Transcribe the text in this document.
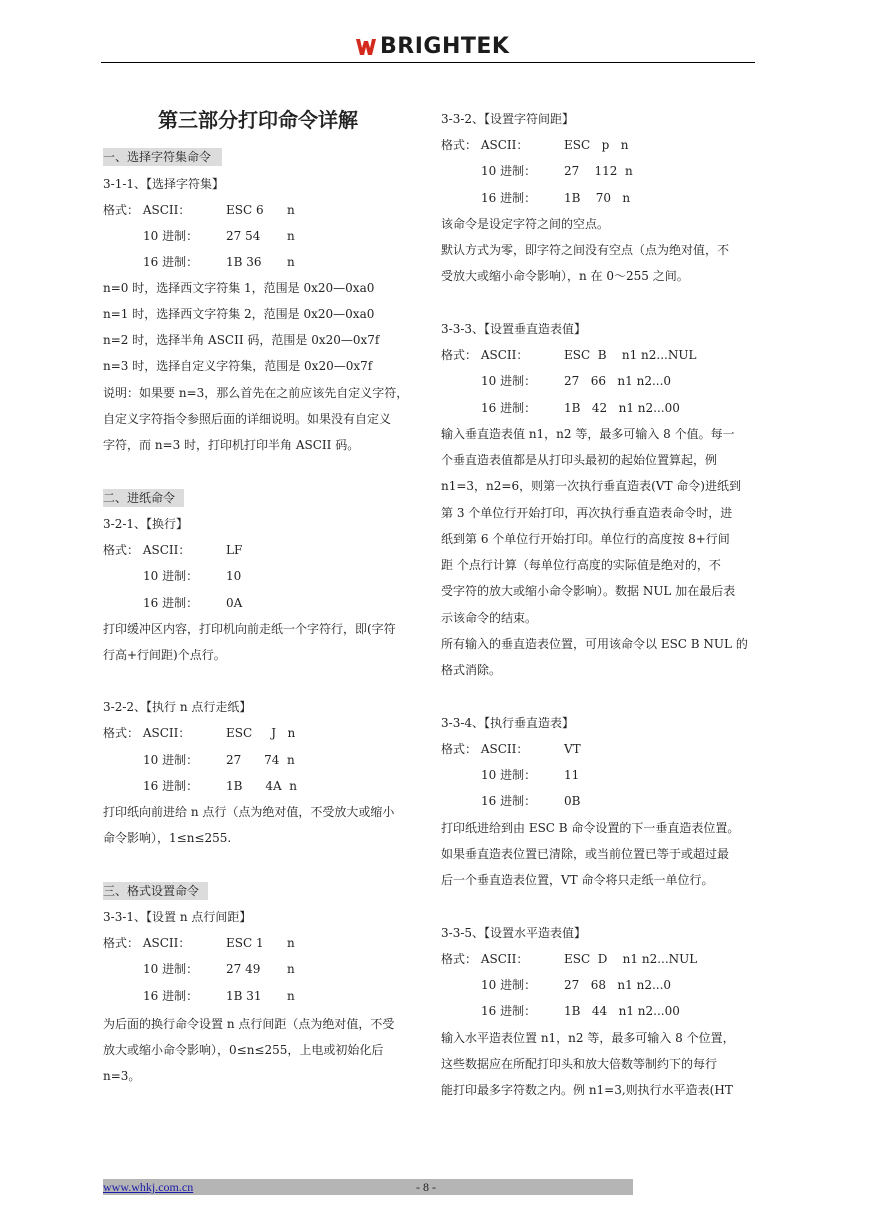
BRIGHTEK
第三部分打印命令详解
一、选择字符集命令
3-1-1、【选择字符集】
格式： ASCII：	ESC 6 n
10 进制： 27 54 n
16 进制： 1B 36 n
n=0 时，选择西文字符集 1，范围是 0x20—0xa0
n=1 时，选择西文字符集 2，范围是 0x20—0xa0
n=2 时，选择半角 ASCII 码，范围是 0x20—0x7f
n=3 时，选择自定义字符集，范围是 0x20—0x7f
说明：如果要 n=3，那么首先在之前应该先自定义字符，
自定义字符指令参照后面的详细说明。如果没有自定义
字符，而 n=3 时，打印机打印半角 ASCII 码。
二、进纸命令
3-2-1、【换行】
格式： ASCII：	LF
10 进制： 10
16 进制： 0A
打印缓冲区内容，打印机向前走纸一个字符行，即(字符
行高+行间距)个点行。
3-2-2、【执行 n 点行走纸】
格式： ASCII：	ESC     J   n
10 进制： 27      74  n
16 进制： 1B      4A  n
打印纸向前进给 n 点行（点为绝对值，不受放大或缩小
命令影响），1≤n≤255.
三、格式设置命令
3-3-1、【设置 n 点行间距】
格式： ASCII：	ESC 1 n
10 进制： 27 49 n
16 进制： 1B 31 n
为后面的换行命令设置 n 点行间距（点为绝对值，不受
放大或缩小命令影响），0≤n≤255，上电或初始化后
n=3。
3-3-2、【设置字符间距】
格式： ASCII：	ESC   p   n
10 进制： 27    112  n
16 进制： 1B    70   n
该命令是设定字符之间的空点。
默认方式为零，即字符之间没有空点（点为绝对值，不
受放大或缩小命令影响），n 在 0～255 之间。
3-3-3、【设置垂直造表值】
格式： ASCII：	ESC  B    n1 n2...NUL
10 进制： 27   66   n1 n2...0
16 进制： 1B   42   n1 n2...00
输入垂直造表值 n1，n2 等，最多可输入 8 个值。每一
个垂直造表值都是从打印头最初的起始位置算起，例
n1=3，n2=6，则第一次执行垂直造表(VT 命令)进纸到
第 3 个单位行开始打印，再次执行垂直造表命令时，进
纸到第 6 个单位行开始打印。单位行的高度按 8+行间
距 个点行计算（每单位行高度的实际值是绝对的，不
受字符的放大或缩小命令影响）。数据 NUL 加在最后表
示该命令的结束。
所有输入的垂直造表位置，可用该命令以 ESC B NUL 的
格式消除。
3-3-4、【执行垂直造表】
格式： ASCII：	VT
10 进制： 11
16 进制： 0B
打印纸进给到由 ESC B 命令设置的下一垂直造表位置。
如果垂直造表位置已清除，或当前位置已等于或超过最
后一个垂直造表位置，VT 命令将只走纸一单位行。
3-3-5、【设置水平造表值】
格式： ASCII：	ESC  D    n1 n2...NUL
10 进制： 27   68   n1 n2...0
16 进制： 1B   44   n1 n2...00
输入水平造表位置 n1，n2 等，最多可输入 8 个位置，
这些数据应在所配打印头和放大倍数等制约下的每行
能打印最多字符数之内。例 n1=3,则执行水平造表(HT
www.whkj.com.cn	- 8 -
